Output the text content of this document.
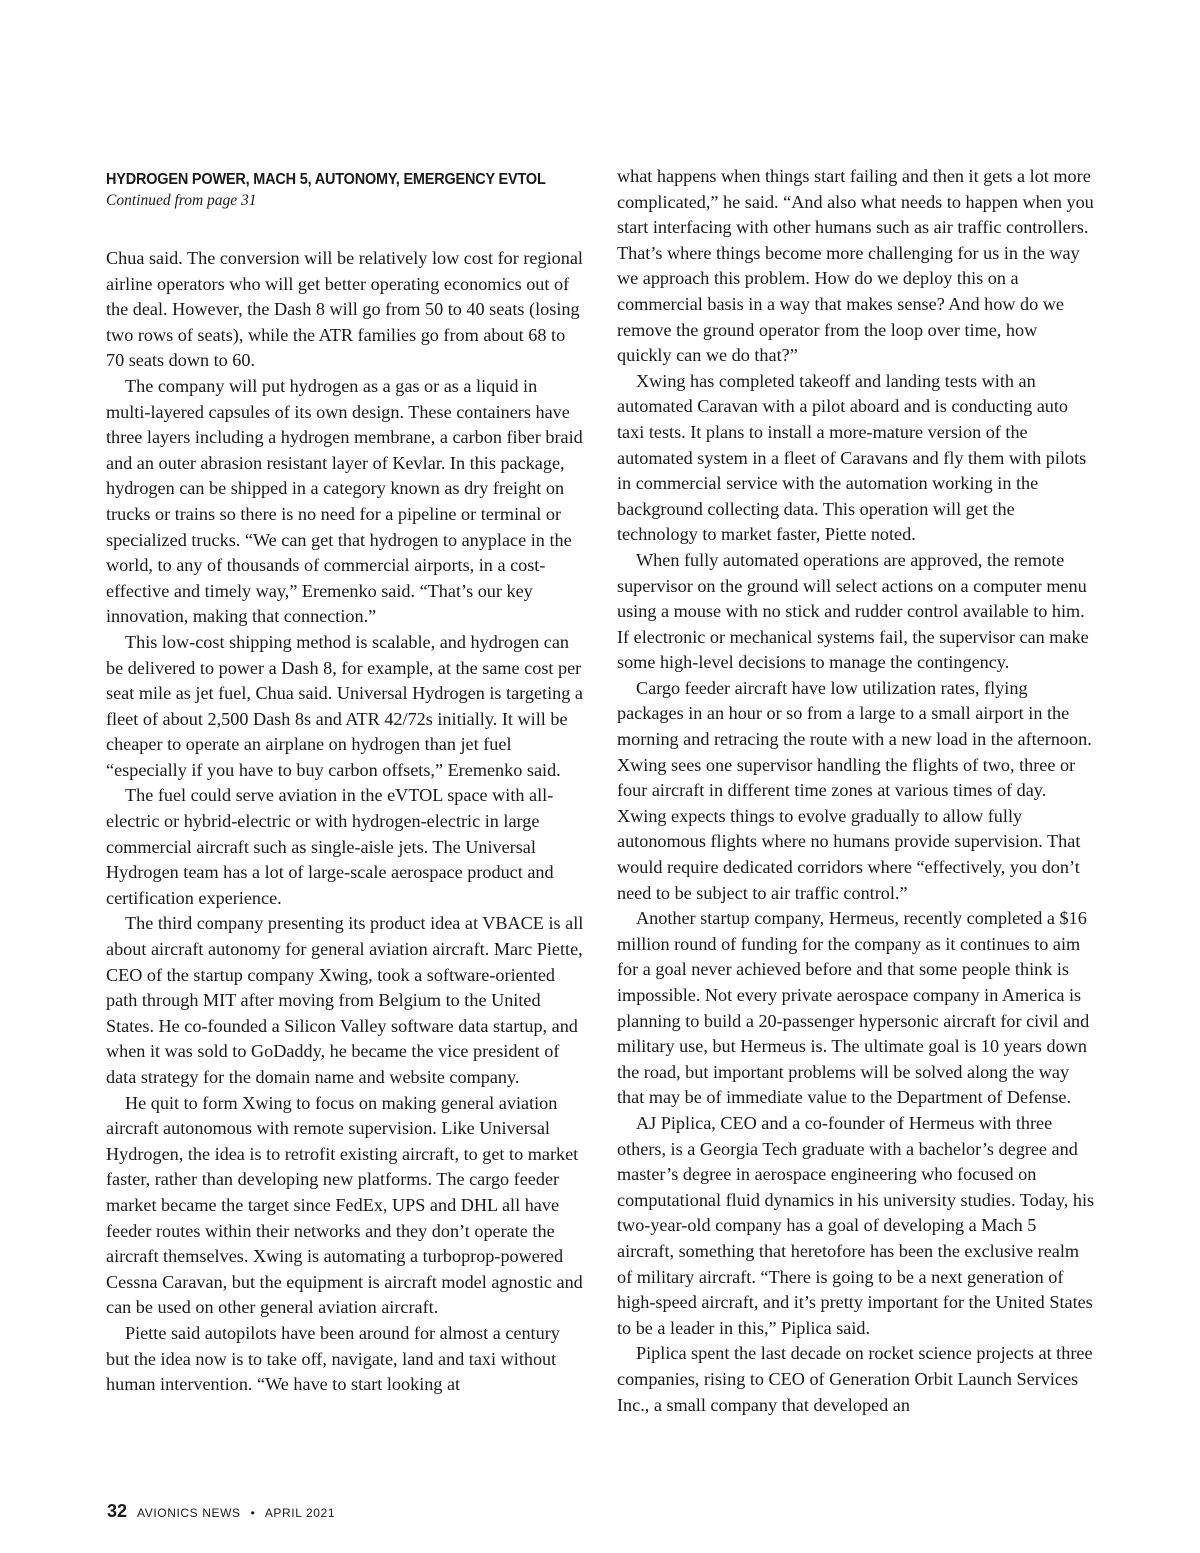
HYDROGEN POWER, MACH 5, AUTONOMY, EMERGENCY EVTOL
Continued from page 31

Chua said. The conversion will be relatively low cost for regional airline operators who will get better operating economics out of the deal. However, the Dash 8 will go from 50 to 40 seats (losing two rows of seats), while the ATR families go from about 68 to 70 seats down to 60.

The company will put hydrogen as a gas or as a liquid in multi-layered capsules of its own design. These containers have three layers including a hydrogen membrane, a carbon fiber braid and an outer abrasion resistant layer of Kevlar. In this package, hydrogen can be shipped in a category known as dry freight on trucks or trains so there is no need for a pipeline or terminal or specialized trucks. “We can get that hydrogen to anyplace in the world, to any of thousands of commercial airports, in a cost-effective and timely way,” Eremenko said. “That’s our key innovation, making that connection.”

This low-cost shipping method is scalable, and hydrogen can be delivered to power a Dash 8, for example, at the same cost per seat mile as jet fuel, Chua said. Universal Hydrogen is targeting a fleet of about 2,500 Dash 8s and ATR 42/72s initially. It will be cheaper to operate an airplane on hydrogen than jet fuel “especially if you have to buy carbon offsets,” Eremenko said.

The fuel could serve aviation in the eVTOL space with all-electric or hybrid-electric or with hydrogen-electric in large commercial aircraft such as single-aisle jets. The Universal Hydrogen team has a lot of large-scale aerospace product and certification experience.

The third company presenting its product idea at VBACE is all about aircraft autonomy for general aviation aircraft. Marc Piette, CEO of the startup company Xwing, took a software-oriented path through MIT after moving from Belgium to the United States. He co-founded a Silicon Valley software data startup, and when it was sold to GoDaddy, he became the vice president of data strategy for the domain name and website company.

He quit to form Xwing to focus on making general aviation aircraft autonomous with remote supervision. Like Universal Hydrogen, the idea is to retrofit existing aircraft, to get to market faster, rather than developing new platforms. The cargo feeder market became the target since FedEx, UPS and DHL all have feeder routes within their networks and they don’t operate the aircraft themselves. Xwing is automating a turboprop-powered Cessna Caravan, but the equipment is aircraft model agnostic and can be used on other general aviation aircraft.

Piette said autopilots have been around for almost a century but the idea now is to take off, navigate, land and taxi without human intervention. “We have to start looking at

what happens when things start failing and then it gets a lot more complicated,” he said. “And also what needs to happen when you start interfacing with other humans such as air traffic controllers. That’s where things become more challenging for us in the way we approach this problem. How do we deploy this on a commercial basis in a way that makes sense? And how do we remove the ground operator from the loop over time, how quickly can we do that?”

Xwing has completed takeoff and landing tests with an automated Caravan with a pilot aboard and is conducting auto taxi tests. It plans to install a more-mature version of the automated system in a fleet of Caravans and fly them with pilots in commercial service with the automation working in the background collecting data. This operation will get the technology to market faster, Piette noted.

When fully automated operations are approved, the remote supervisor on the ground will select actions on a computer menu using a mouse with no stick and rudder control available to him. If electronic or mechanical systems fail, the supervisor can make some high-level decisions to manage the contingency.

Cargo feeder aircraft have low utilization rates, flying packages in an hour or so from a large to a small airport in the morning and retracing the route with a new load in the afternoon. Xwing sees one supervisor handling the flights of two, three or four aircraft in different time zones at various times of day. Xwing expects things to evolve gradually to allow fully autonomous flights where no humans provide supervision. That would require dedicated corridors where “effectively, you don’t need to be subject to air traffic control.”

Another startup company, Hermeus, recently completed a $16 million round of funding for the company as it continues to aim for a goal never achieved before and that some people think is impossible. Not every private aerospace company in America is planning to build a 20-passenger hypersonic aircraft for civil and military use, but Hermeus is. The ultimate goal is 10 years down the road, but important problems will be solved along the way that may be of immediate value to the Department of Defense.

AJ Piplica, CEO and a co-founder of Hermeus with three others, is a Georgia Tech graduate with a bachelor’s degree and master’s degree in aerospace engineering who focused on computational fluid dynamics in his university studies. Today, his two-year-old company has a goal of developing a Mach 5 aircraft, something that heretofore has been the exclusive realm of military aircraft. “There is going to be a next generation of high-speed aircraft, and it’s pretty important for the United States to be a leader in this,” Piplica said.

Piplica spent the last decade on rocket science projects at three companies, rising to CEO of Generation Orbit Launch Services Inc., a small company that developed an

32 AVIONICS NEWS • APRIL 2021
